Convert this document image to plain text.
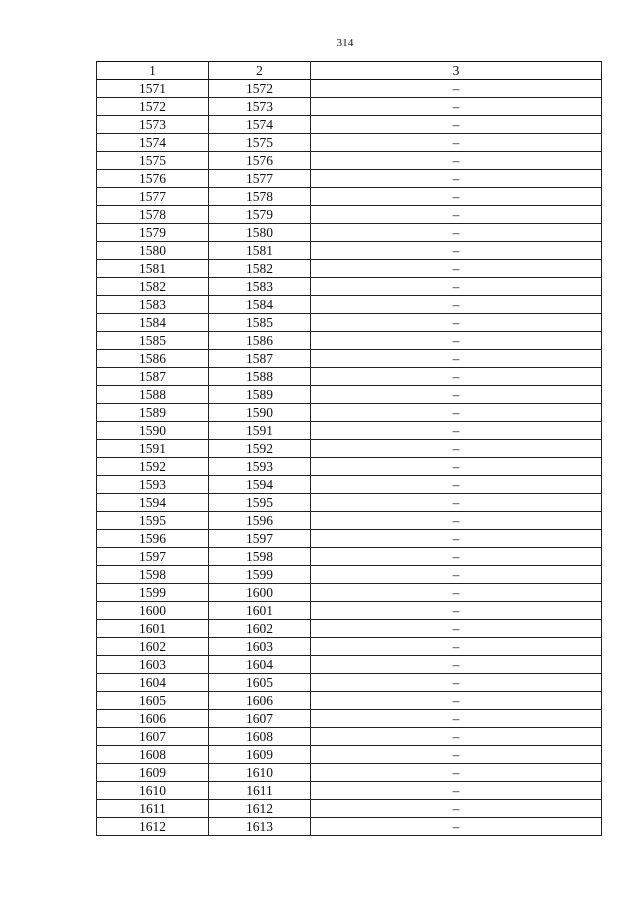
314
1	2	3
1571	1572	–
1572	1573	–
1573	1574	–
1574	1575	–
1575	1576	–
1576	1577	–
1577	1578	–
1578	1579	–
1579	1580	–
1580	1581	–
1581	1582	–
1582	1583	–
1583	1584	–
1584	1585	–
1585	1586	–
1586	1587	–
1587	1588	–
1588	1589	–
1589	1590	–
1590	1591	–
1591	1592	–
1592	1593	–
1593	1594	–
1594	1595	–
1595	1596	–
1596	1597	–
1597	1598	–
1598	1599	–
1599	1600	–
1600	1601	–
1601	1602	–
1602	1603	–
1603	1604	–
1604	1605	–
1605	1606	–
1606	1607	–
1607	1608	–
1608	1609	–
1609	1610	–
1610	1611	–
1611	1612	–
1612	1613	–
